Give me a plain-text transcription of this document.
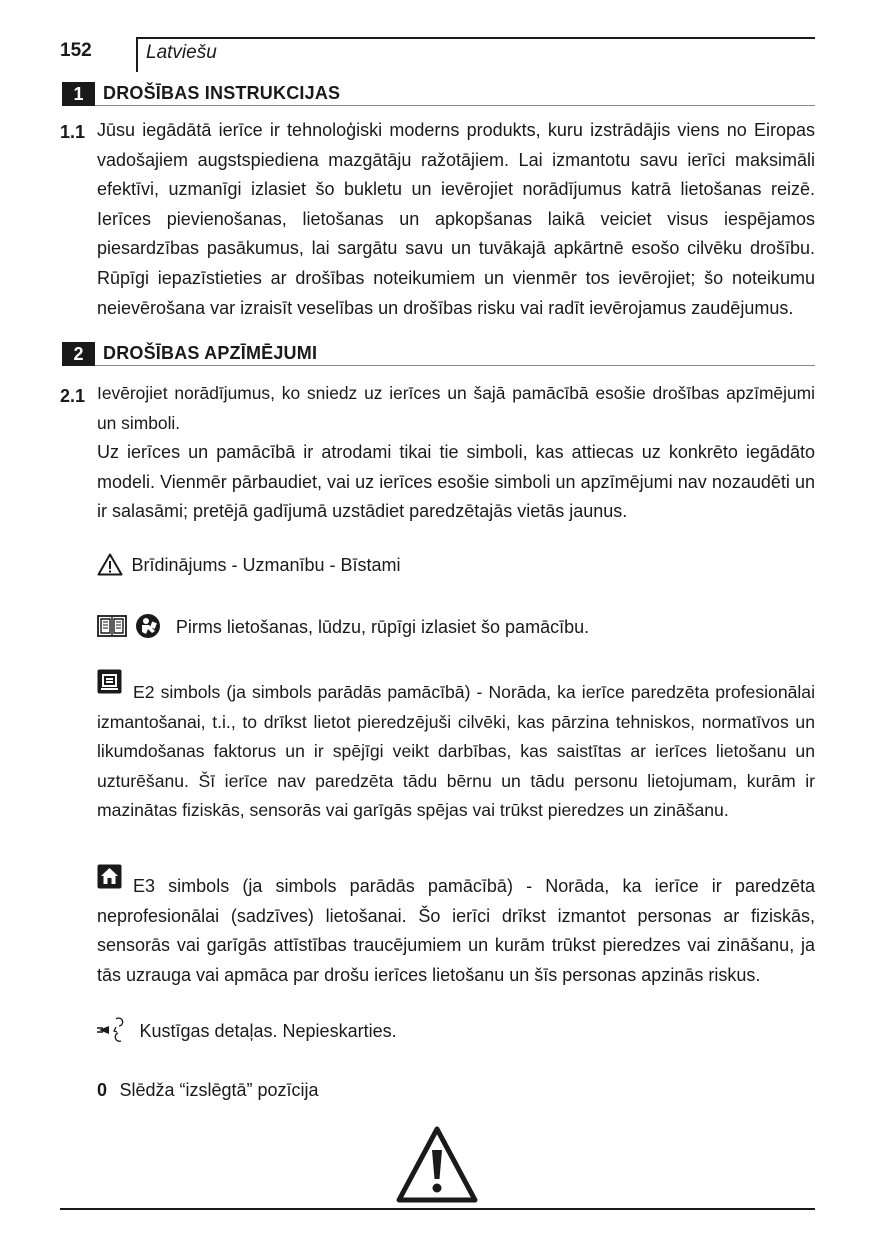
152	Latviešu
1	DROŠĪBAS INSTRUKCIJAS
1.1 Jūsu iegādātā ierīce ir tehnoloģiski moderns produkts, kuru izstrādājis viens no Eiropas vadošajiem augstspiediena mazgātāju ražotājiem. Lai izmantotu savu ierīci maksimāli efektīvi, uzmanīgi izlasiet šo bukletu un ievērojiet norādījumus katrā lietošanas reizē. Ierīces pievienošanas, lietošanas un apkopšanas laikā veiciet visus iespējamos piesardzības pasākumus, lai sargātu savu un tuvākajā apkārtnē esošo cilvēku drošību. Rūpīgi iepazīstieties ar drošības noteikumiem un vienmēr tos ievērojiet; šo noteikumu neievērošana var izraisīt veselības un drošības risku vai radīt ievērojamus zaudējumus.
2	DROŠĪBAS APZĪMĒJUMI
2.1 Ievērojiet norādījumus, ko sniedz uz ierīces un šajā pamācībā esošie drošības apzīmējumi un simboli.
Uz ierīces un pamācībā ir atrodami tikai tie simboli, kas attiecas uz konkrēto iegādāto modeli. Vienmēr pārbaudiet, vai uz ierīces esošie simboli un apzīmējumi nav nozaudēti un ir salasāmi; pretējā gadījumā uzstādiet paredzētajās vietās jaunus.
Brīdinājums - Uzmanību - Bīstami
Pirms lietošanas, lūdzu, rūpīgi izlasiet šo pamācību.
E2 simbols (ja simbols parādās pamācībā) - Norāda, ka ierīce paredzēta profesionālai izmantošanai, t.i., to drīkst lietot pieredzējuši cilvēki, kas pārzina tehniskos, normatīvos un likumdošanas faktorus un ir spējīgi veikt darbības, kas saistītas ar ierīces lietošanu un uzturēšanu. Šī ierīce nav paredzēta tādu bērnu un tādu personu lietojumam, kurām ir mazinātas fiziskās, sensorās vai garīgās spējas vai trūkst pieredzes un zināšanu.
E3 simbols (ja simbols parādās pamācībā) - Norāda, ka ierīce ir paredzēta neprofesionālai (sadzīves) lietošanai. Šo ierīci drīkst izmantot personas ar fiziskās, sensorās vai garīgās attīstības traucējumiem un kurām trūkst pieredzes vai zināšanu, ja tās uzrauga vai apmāca par drošu ierīces lietošanu un šīs personas apzinās riskus.
Kustīgas detaļas. Nepieskarties.
0 Slēdža “izslēgtā” pozīcija
